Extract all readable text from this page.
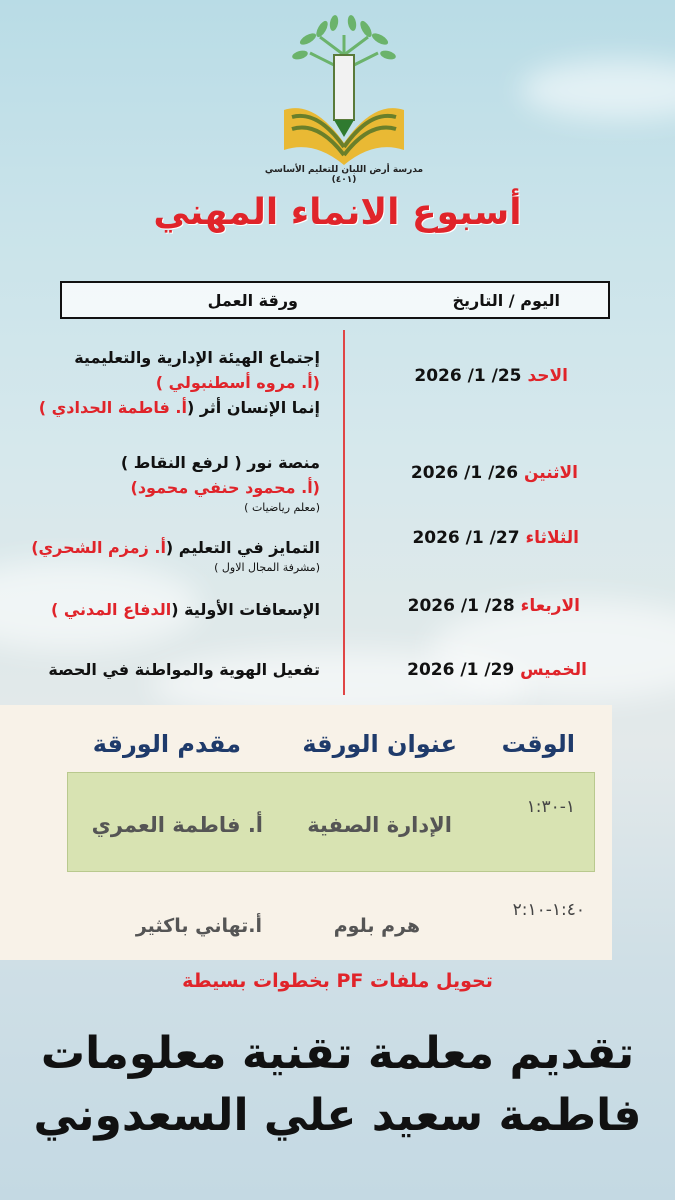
مدرسة أرض اللبان للتعليم الأساسي (٤٠١)
أسبوع الانماء المهني
اليوم / التاريخ
ورقة العمل
الاحد 25/ 1/ 2026
الاثنين 26/ 1/ 2026
الثلاثاء 27/ 1/ 2026
الاربعاء 28/ 1/ 2026
الخميس 29/ 1/ 2026
إجتماع الهيئة الإدارية والتعليمية
(أ. مروه أسطنبولي )
إنما الإنسان أثر (أ. فاطمة الحدادي )
منصة نور ( لرفع النقاط )
(أ. محمود حنفي محمود)
(معلم رياضيات )
التمايز في التعليم (أ. زمزم الشحري)
(مشرفة المجال الاول )
الإسعافات الأولية (الدفاع المدني )
تفعيل الهوية والمواطنة في الحصة
الوقت
عنوان الورقة
مقدم الورقة
١-١:٣٠
الإدارة الصفية
أ. فاطمة العمري
١:٤٠-٢:١٠
هرم بلوم
أ.تهاني باكثير
تحويل ملفات PF بخطوات بسيطة
تقديم معلمة تقنية معلومات
فاطمة سعيد علي السعدوني
